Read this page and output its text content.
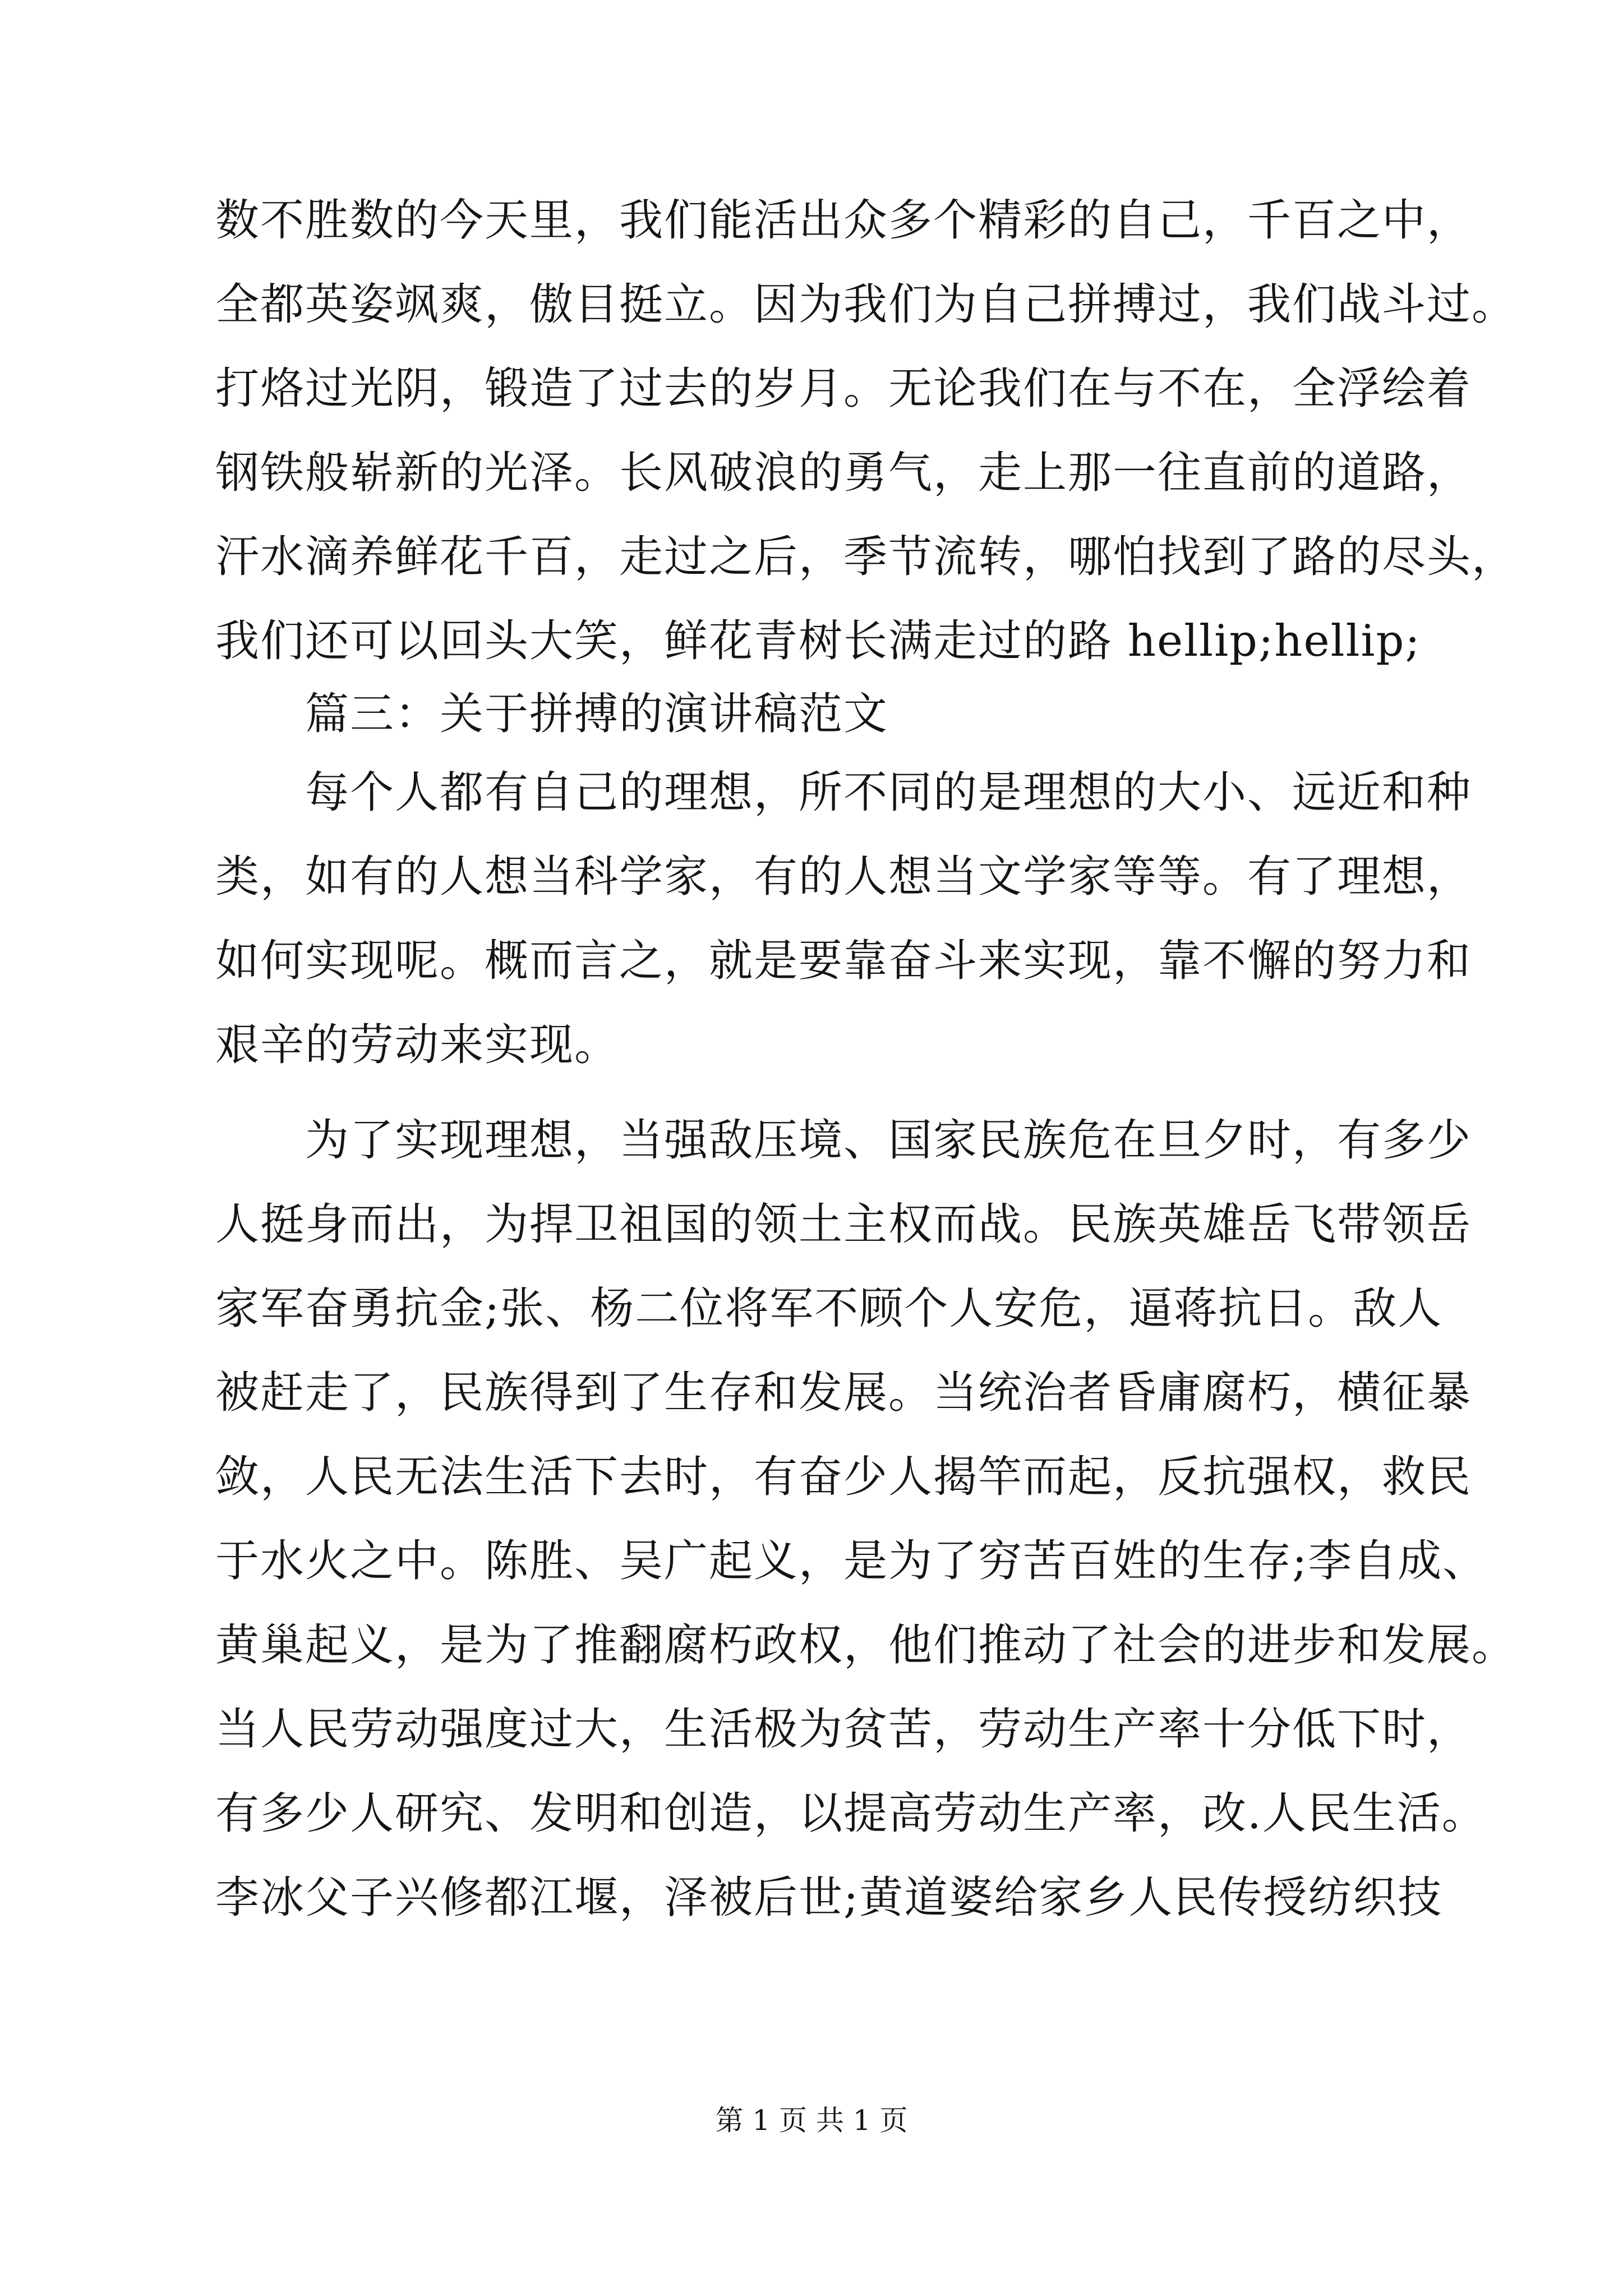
数不胜数的今天里，我们能活出众多个精彩的自己，千百之中，
全都英姿飒爽，傲目挺立。因为我们为自己拼搏过，我们战斗过。
打烙过光阴，锻造了过去的岁月。无论我们在与不在，全浮绘着
钢铁般崭新的光泽。长风破浪的勇气，走上那一往直前的道路，
汗水滴养鲜花千百，走过之后，季节流转，哪怕找到了路的尽头，
我们还可以回头大笑，鲜花青树长满走过的路 hellip;hellip;
篇三：关于拼搏的演讲稿范文
每个人都有自己的理想，所不同的是理想的大小、远近和种
类，如有的人想当科学家，有的人想当文学家等等。有了理想，
如何实现呢。概而言之，就是要靠奋斗来实现，靠不懈的努力和
艰辛的劳动来实现。
为了实现理想，当强敌压境、国家民族危在旦夕时，有多少
人挺身而出，为捍卫祖国的领土主权而战。民族英雄岳飞带领岳
家军奋勇抗金;张、杨二位将军不顾个人安危，逼蒋抗日。敌人
被赶走了，民族得到了生存和发展。当统治者昏庸腐朽，横征暴
敛，人民无法生活下去时，有奋少人揭竿而起，反抗强权，救民
于水火之中。陈胜、吴广起义，是为了穷苦百姓的生存;李自成、
黄巢起义，是为了推翻腐朽政权，他们推动了社会的进步和发展。
当人民劳动强度过大，生活极为贫苦，劳动生产率十分低下时，
有多少人研究、发明和创造，以提高劳动生产率，改.人民生活。
李冰父子兴修都江堰，泽被后世;黄道婆给家乡人民传授纺织技
第 1 页 共 1 页
